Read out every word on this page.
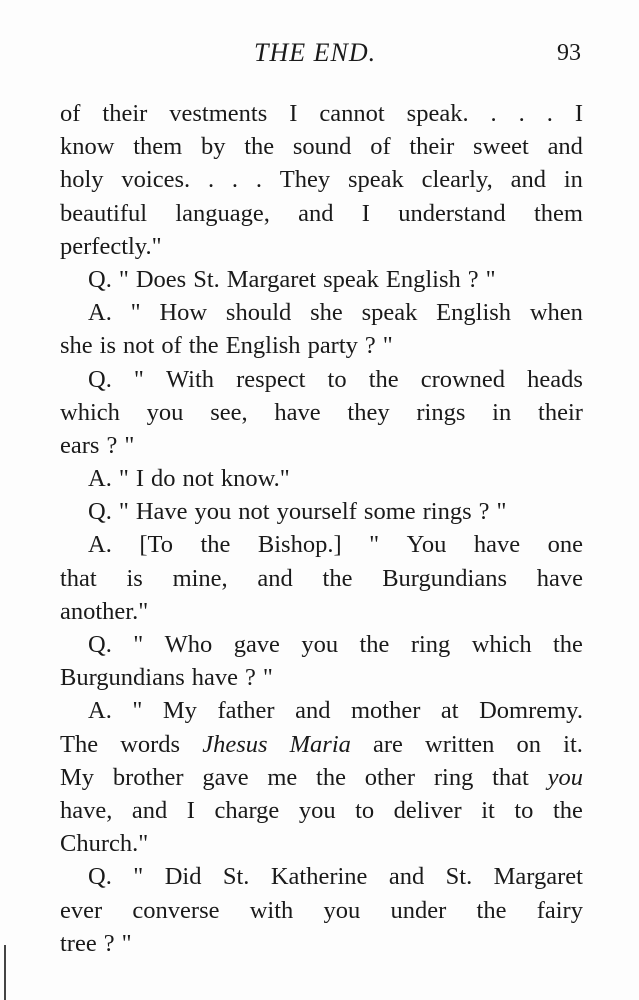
THE END.	93
of their vestments I cannot speak. . . . I
know them by the sound of their sweet and
holy voices. . . . They speak clearly, and in
beautiful language, and I understand them
perfectly."
Q. " Does St. Margaret speak English ? "
A. " How should she speak English when
she is not of the English party ? "
Q. " With respect to the crowned heads
which you see, have they rings in their
ears ? "
A. " I do not know."
Q. " Have you not yourself some rings ? "
A. [To the Bishop.] " You have one
that is mine, and the Burgundians have
another."
Q. " Who gave you the ring which the
Burgundians have ? "
A. " My father and mother at Domremy.
The words Jhesus Maria are written on it.
My brother gave me the other ring that you
have, and I charge you to deliver it to the
Church."
Q. " Did St. Katherine and St. Margaret
ever converse with you under the fairy
tree ? "
